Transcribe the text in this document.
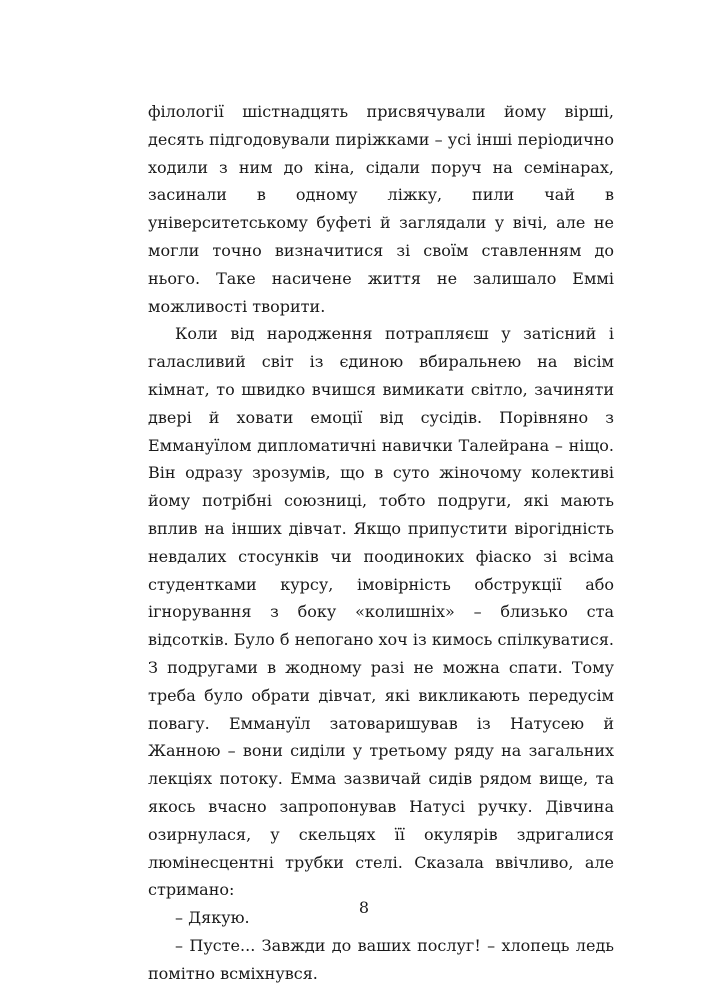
філології шістнадцять присвячували йому вірші, десять підгодовували пиріжками – усі інші періодично ходили з ним до кіна, сідали поруч на семінарах, засинали в одному ліжку, пили чай в університетському буфеті й заглядали у вічі, але не могли точно визначитися зі своїм ставленням до нього. Таке насичене життя не залишало Еммі можливості творити.

Коли від народження потрапляєш у затісний і галасливий світ із єдиною вбиральнею на вісім кімнат, то швидко вчишся вимикати світло, зачиняти двері й ховати емоції від сусідів. Порівняно з Еммануїлом дипломатичні навички Талейрана – ніщо. Він одразу зрозумів, що в суто жіночому колективі йому потрібні союзниці, тобто подруги, які мають вплив на інших дівчат. Якщо припустити вірогідність невдалих стосунків чи поодиноких фіаско зі всіма студентками курсу, імовірність обструкції або ігнорування з боку «колишніх» – близько ста відсотків. Було б непогано хоч із кимось спілкуватися. З подругами в жодному разі не можна спати. Тому треба було обрати дівчат, які викликають передусім повагу. Еммануїл затоваришував із Натусею й Жанною – вони сиділи у третьому ряду на загальних лекціях потоку. Емма зазвичай сидів рядом вище, та якось вчасно запропонував Натусі ручку. Дівчина озирнулася, у скельцях її окулярів здригалися люмінесцентні трубки стелі. Сказала ввічливо, але стримано:

– Дякую.

– Пусте... Завжди до ваших послуг! – хлопець ледь помітно всміхнувся.

8
